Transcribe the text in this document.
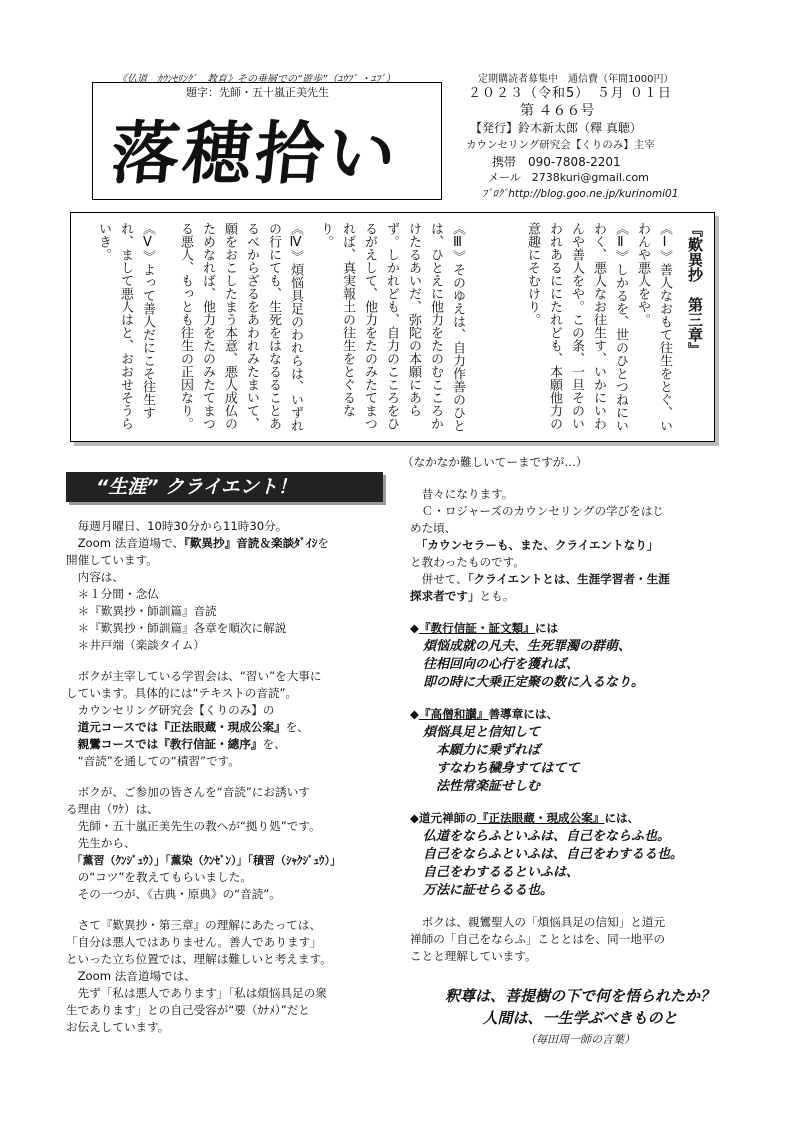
《仏道　ｶｳﾝｾﾘﾝｸﾞ　教育》その垂層での“遊歩”（ﾕｳﾌﾞ ・ﾕﾌﾞ）	定期購読者募集中　通信費（年間1000円）
題字：先師・五十嵐正美先生
落穂拾い
２０２３（令和5）　５月 ０１日
第 ４６６号
【発行】鈴木新太郎（釋 真聴）
カウンセリング研究会【くりのみ】主宰
携帯　090-7808-2201
メール　2738kuri@gmail.com
ﾌﾞﾛｸﾞhttp://blog.goo.ne.jp/kurinomi01
『歎異抄　第三章』
《Ⅰ》善人なおもて往生をとぐ、いわんや悪人をや。
《Ⅱ》しかるを、世のひとつねにいわく、悪人なお往生す、いかにいわんや善人をや。この条、一旦そのいわれあるににたれども、本願他力の意趣にそむけり。
《Ⅲ》そのゆえは、自力作善のひとは、ひとえに他力をたのむこころかけたるあいだ、弥陀の本願にあらず。しかれども、自力のこころをひるがえして、他力をたのみたてまつれば、真実報土の往生をとぐるなり。
《Ⅳ》煩悩具足のわれらは、いずれの行にても、生死をはなるることあるべからざるをあわれみたまいて、願をおこしたまう本意、悪人成仏のためなれば、他力をたのみたてまつる悪人、もっとも往生の正因なり。
《Ⅴ》よって善人だにこそ往生すれ、まして悪人はと、おおせそうらいき。
“生涯” クライエント！
　毎週月曜日、10時30分から11時30分。
　Zoom 法音道場で、『歎異抄』音読＆楽談ﾀﾞｲｼを
開催しています。
　内容は、
　＊１分間・念仏
　＊『歎異抄・師訓篇』音読
　＊『歎異抄・師訓篇』各章を順次に解説
　＊井戸端（楽談タイム）
　ボクが主宰している学習会は、“習い”を大事に
しています。具体的には“テキストの音読”。
　カウンセリング研究会【くりのみ】の
　道元コースでは『正法眼蔵・現成公案』を、
　親鸞コースでは『教行信証・總序』を、
　“音読”を通しての“積習”です。
　ボクが、ご参加の皆さんを“音読”にお誘いす
る理由（ﾜｹ）は、
　先師・五十嵐正美先生の教へが“拠り処”です。
　先生から、
　「薫習（ｸﾝｼﾞｭｳ）」「薫染（ｸﾝｾﾞﾝ）」「積習（ｼｬｸｼﾞｭｳ）」
　の“コツ”を教えてもらいました。
　その一つが、《古典・原典》の“音読”。
　さて『歎異抄・第三章』の理解にあたっては、
「自分は悪人ではありません。善人であります」
といった立ち位置では、理解は難しいと考えます。
　Zoom 法音道場では、
　先ず「私は悪人であります」「私は煩悩具足の衆
生であります」との自己受容が“要（ｶﾅﾒ）”だと
お伝えしています。
（なかなか難しいてーまですが…）
　昔々になります。
　Ｃ・ロジャーズのカウンセリングの学びをはじ
めた頃、
　「カウンセラーも、また、クライエントなり」
と教わったものです。
　併せて、「クライエントとは、生涯学習者・生涯
探求者です」とも。
◆『教行信証・証文類』には
　煩悩成就の凡夫、生死罪濁の群萌、
　往相回向の心行を獲れば、
　即の時に大乗正定聚の数に入るなり。
◆『高僧和讃』善導章には、
　煩悩具足と信知して
　　本願力に乗ずれば
　　すなわち穢身すてはてて
　　法性常楽証せしむ
◆道元禅師の『正法眼蔵・現成公案』には、
　仏道をならふといふは、自己をならふ也。
　自己をならふといふは、自己をわするる也。
　自己をわするるといふは、
　万法に証せらるる也。
　ボクは、親鸞聖人の「煩悩具足の信知」と道元
禅師の「自己をならふ」こととはを、同一地平の
ことと理解しています。
釈尊は、菩提樹の下で何を悟られたか？
人間は、一生学ぶべきものと
（毎田周一師の言葉）
